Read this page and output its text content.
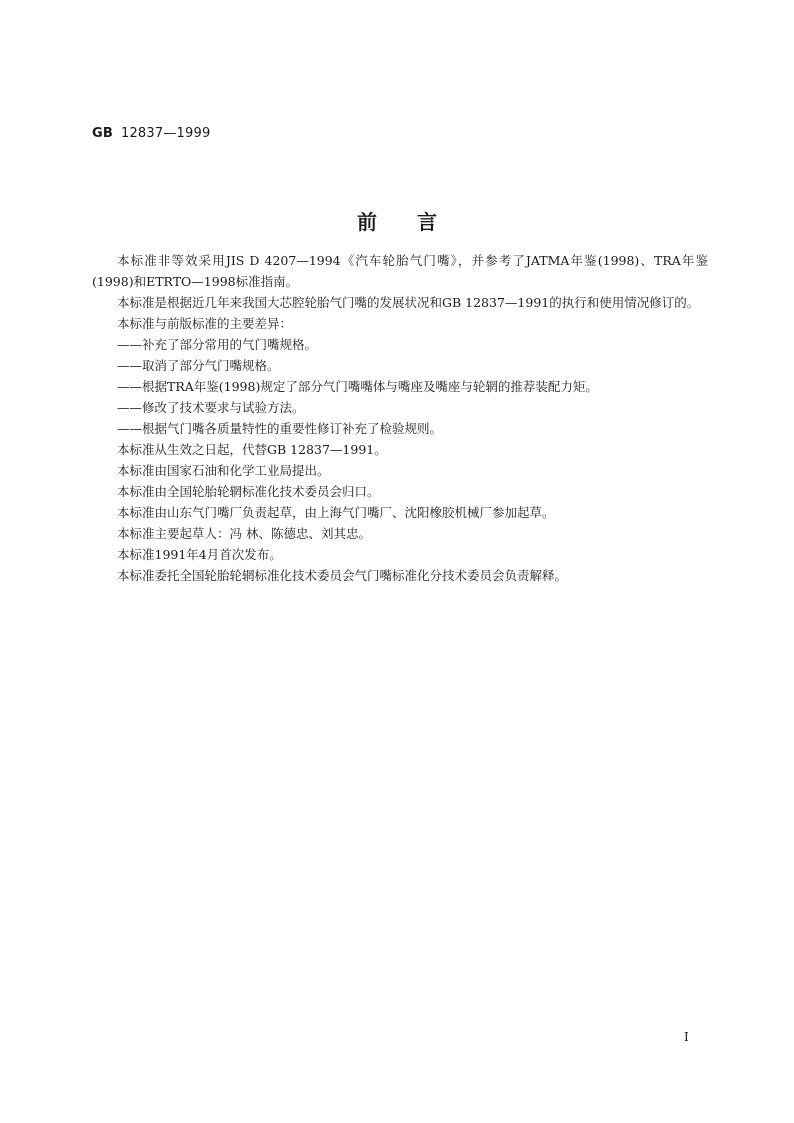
GB 12837—1999
前言

本标准非等效采用JIS D 4207—1994《汽车轮胎气门嘴》，并参考了JATMA年鉴(1998)、TRA年鉴(1998)和ETRTO—1998标准指南。

本标准是根据近几年来我国大芯腔轮胎气门嘴的发展状况和GB 12837—1991的执行和使用情况修订的。

本标准与前版标准的主要差异：

——补充了部分常用的气门嘴规格。

——取消了部分气门嘴规格。

——根据TRA年鉴(1998)规定了部分气门嘴嘴体与嘴座及嘴座与轮辋的推荐装配力矩。

——修改了技术要求与试验方法。

——根据气门嘴各质量特性的重要性修订补充了检验规则。

本标准从生效之日起，代替GB 12837—1991。

本标准由国家石油和化学工业局提出。

本标准由全国轮胎轮辋标准化技术委员会归口。

本标准由山东气门嘴厂负责起草，由上海气门嘴厂、沈阳橡胶机械厂参加起草。

本标准主要起草人：冯 林、陈德忠、刘其忠。

本标准1991年4月首次发布。

本标准委托全国轮胎轮辋标准化技术委员会气门嘴标准化分技术委员会负责解释。

I
